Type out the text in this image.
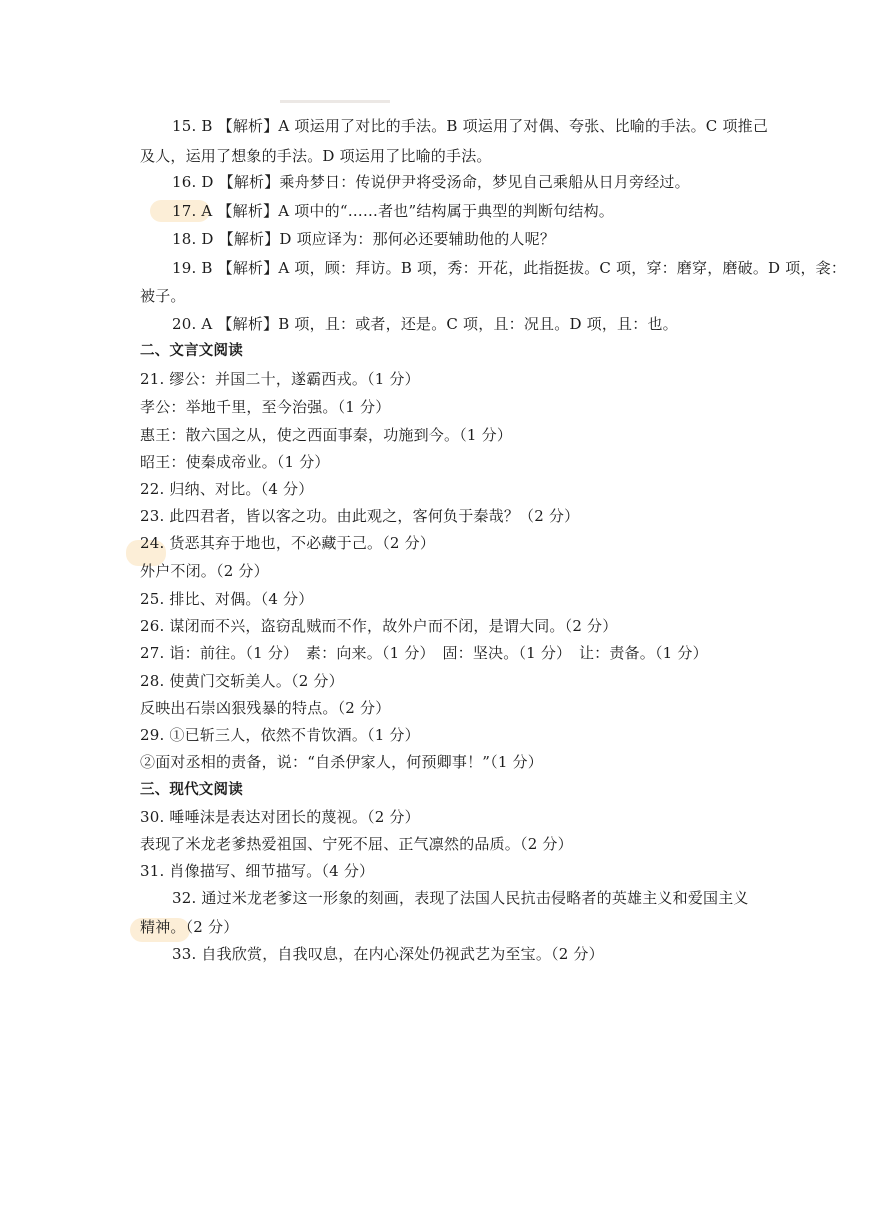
15. B 【解析】A 项运用了对比的手法。B 项运用了对偶、夸张、比喻的手法。C 项推己
及人，运用了想象的手法。D 项运用了比喻的手法。
16. D 【解析】乘舟梦日：传说伊尹将受汤命，梦见自己乘船从日月旁经过。
17. A 【解析】A 项中的“……者也”结构属于典型的判断句结构。
18. D 【解析】D 项应译为：那何必还要辅助他的人呢？
19. B 【解析】A 项，顾：拜访。B 项，秀：开花，此指挺拔。C 项，穿：磨穿，磨破。D 项，衾：
被子。
20. A 【解析】B 项，且：或者，还是。C 项，且：况且。D 项，且：也。
二、文言文阅读
21. 缪公：并国二十，遂霸西戎。（1 分）
孝公：举地千里，至今治强。（1 分）
惠王：散六国之从，使之西面事秦，功施到今。（1 分）
昭王：使秦成帝业。（1 分）
22. 归纳、对比。（4 分）
23. 此四君者，皆以客之功。由此观之，客何负于秦哉？（2 分）
24. 货恶其弃于地也，不必藏于己。（2 分）
外户不闭。（2 分）
25. 排比、对偶。（4 分）
26. 谋闭而不兴，盗窃乱贼而不作，故外户而不闭，是谓大同。（2 分）
27. 诣：前往。（1 分）　素：向来。（1 分）　固：坚决。（1 分）　让：责备。（1 分）
28. 使黄门交斩美人。（2 分）
反映出石崇凶狠残暴的特点。（2 分）
29. ①已斩三人，依然不肯饮酒。（1 分）
②面对丞相的责备，说：“自杀伊家人，何预卿事！”（1 分）
三、现代文阅读
30. 唾唾沫是表达对团长的蔑视。（2 分）
表现了米龙老爹热爱祖国、宁死不屈、正气凛然的品质。（2 分）
31. 肖像描写、细节描写。（4 分）
32. 通过米龙老爹这一形象的刻画，表现了法国人民抗击侵略者的英雄主义和爱国主义
精神。（2 分）
33. 自我欣赏，自我叹息，在内心深处仍视武艺为至宝。（2 分）
